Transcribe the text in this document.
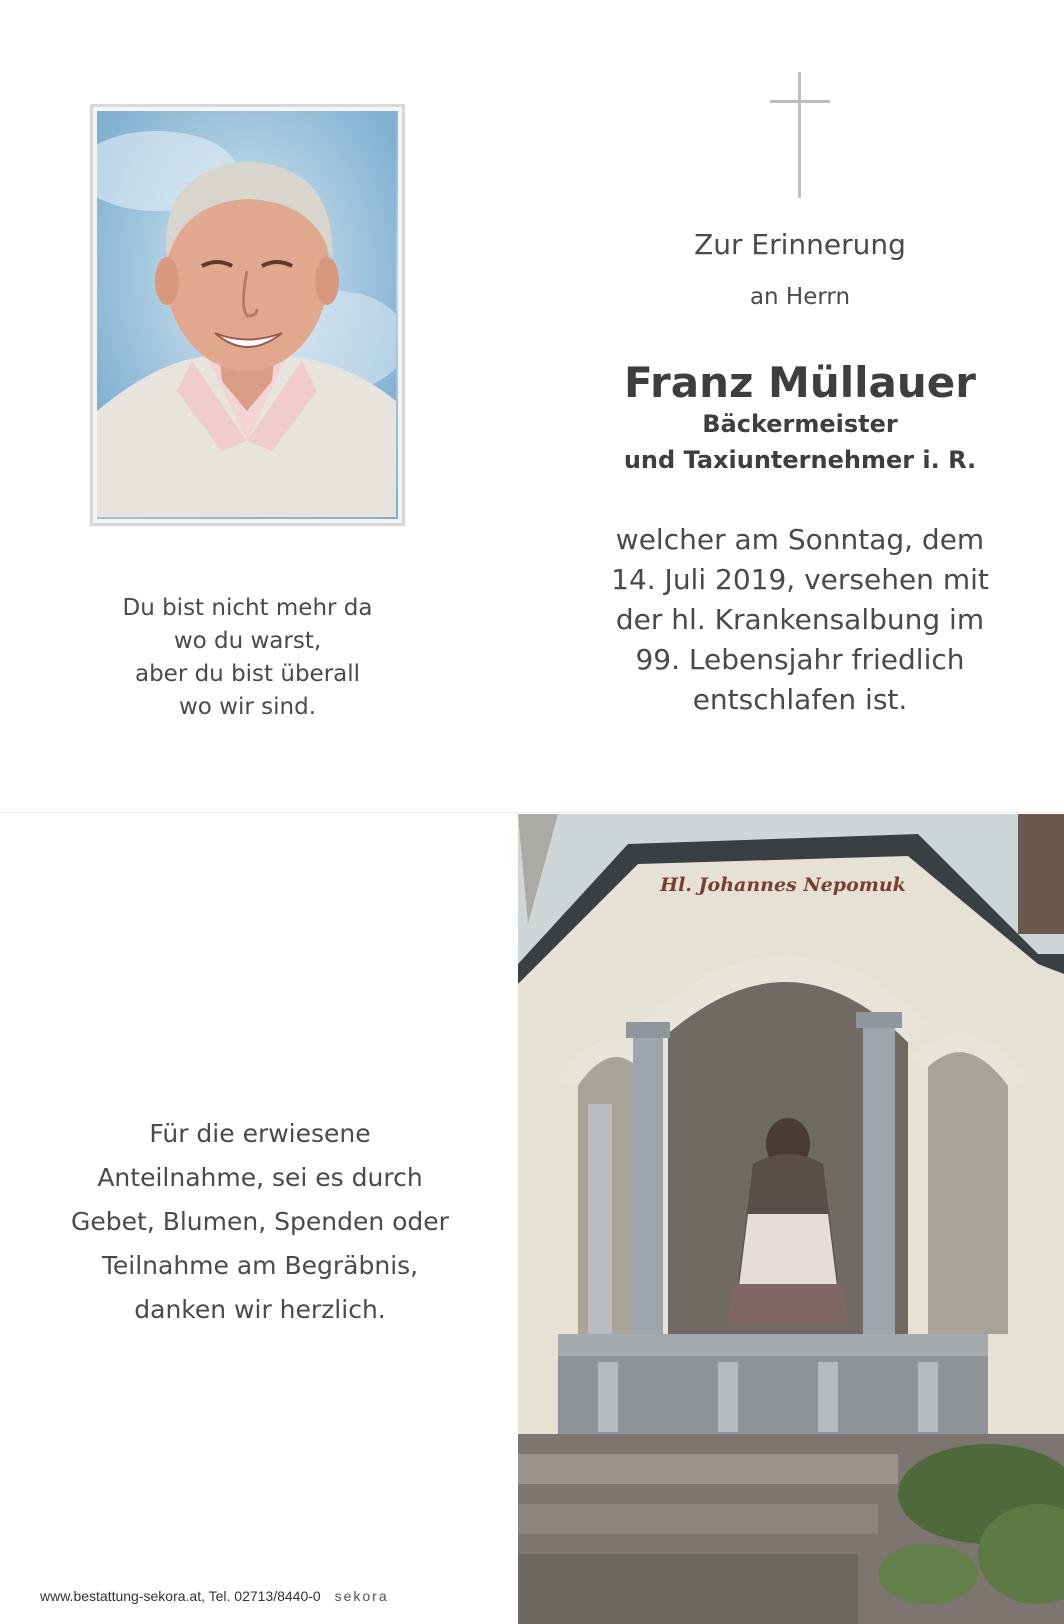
Zur Erinnerung
an Herrn
Franz Müllauer
Bäckermeister
und Taxiunternehmer i. R.
welcher am Sonntag, dem
14. Juli 2019, versehen mit
der hl. Krankensalbung im
99. Lebensjahr friedlich
entschlafen ist.
Du bist nicht mehr da
wo du warst,
aber du bist überall
wo wir sind.
Für die erwiesene
Anteilnahme, sei es durch
Gebet, Blumen, Spenden oder
Teilnahme am Begräbnis,
danken wir herzlich.
www.bestattung-sekora.at, Tel. 02713/8440-0 sekora
Hl. Johannes Nepomuk
